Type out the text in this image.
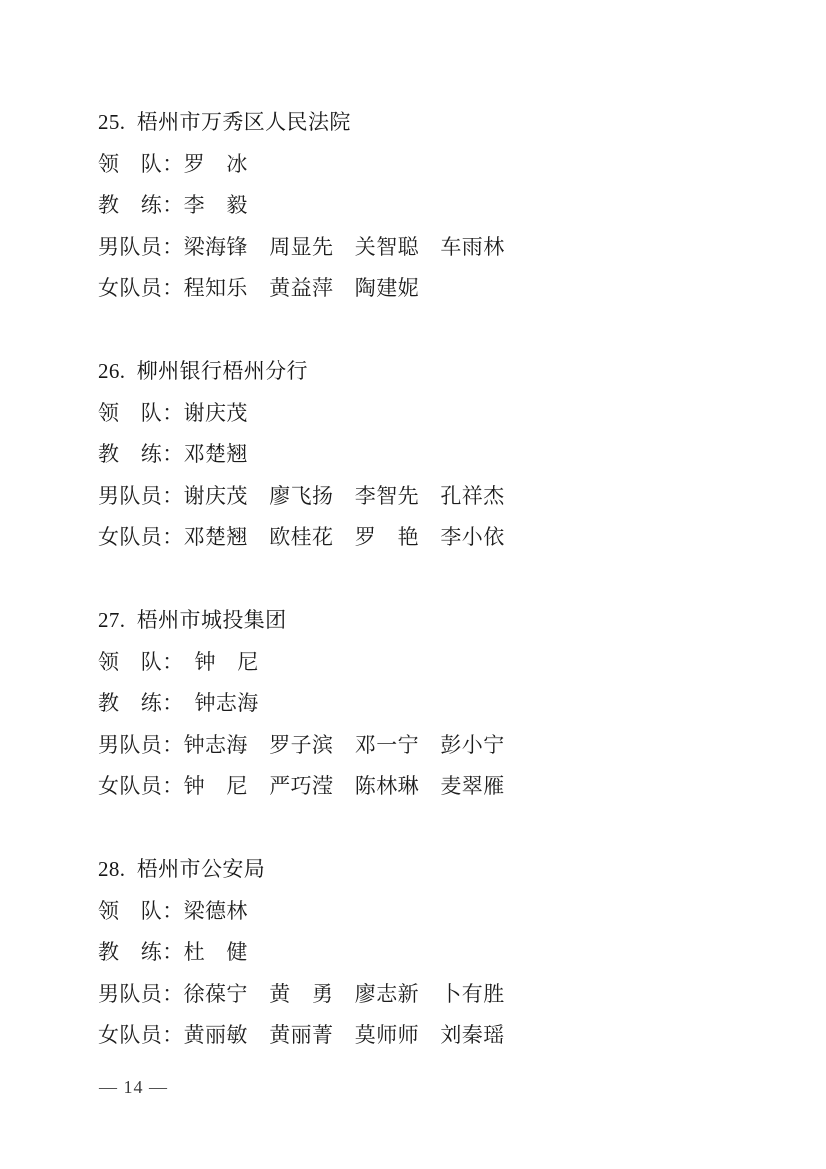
25.  梧州市万秀区人民法院
领　队：罗　冰
教　练：李　毅
男队员：梁海锋　周显先　关智聪　车雨林
女队员：程知乐　黄益萍　陶建妮
26.  柳州银行梧州分行
领　队：谢庆茂
教　练：邓楚翘
男队员：谢庆茂　廖飞扬　李智先　孔祥杰
女队员：邓楚翘　欧桂花　罗　艳　李小依
27.  梧州市城投集团
领　队：　钟　尼
教　练：　钟志海
男队员：钟志海　罗子滨　邓一宁　彭小宁
女队员：钟　尼　严巧滢　陈林琳　麦翠雁
28.  梧州市公安局
领　队：梁德林
教　练：杜　健
男队员：徐葆宁　黄　勇　廖志新　卜有胜
女队员：黄丽敏　黄丽菁　莫师师　刘秦瑶
— 14 —
